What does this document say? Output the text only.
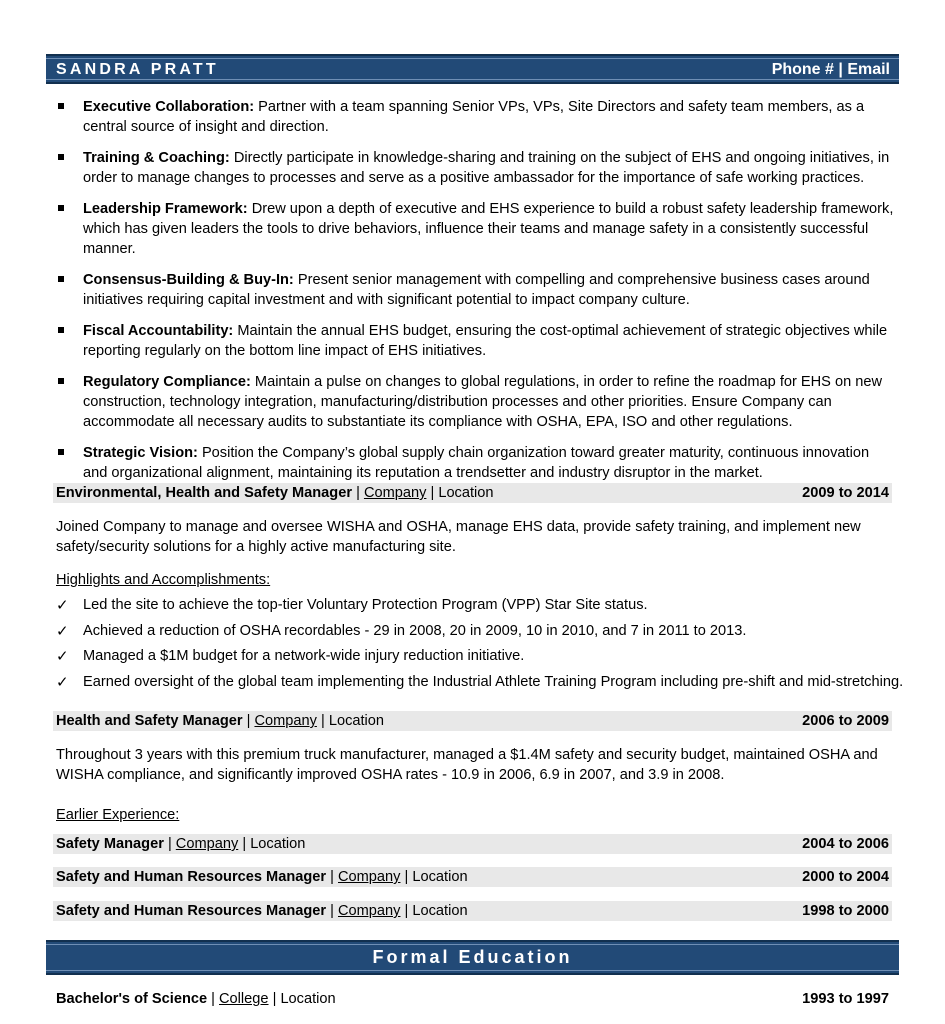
SANDRA PRATT	Phone # | Email
Executive Collaboration: Partner with a team spanning Senior VPs, VPs, Site Directors and safety team members, as a central source of insight and direction.
Training & Coaching: Directly participate in knowledge-sharing and training on the subject of EHS and ongoing initiatives, in order to manage changes to processes and serve as a positive ambassador for the importance of safe working practices.
Leadership Framework: Drew upon a depth of executive and EHS experience to build a robust safety leadership framework, which has given leaders the tools to drive behaviors, influence their teams and manage safety in a consistently successful manner.
Consensus-Building & Buy-In: Present senior management with compelling and comprehensive business cases around initiatives requiring capital investment and with significant potential to impact company culture.
Fiscal Accountability: Maintain the annual EHS budget, ensuring the cost-optimal achievement of strategic objectives while reporting regularly on the bottom line impact of EHS initiatives.
Regulatory Compliance: Maintain a pulse on changes to global regulations, in order to refine the roadmap for EHS on new construction, technology integration, manufacturing/distribution processes and other priorities. Ensure Company can accommodate all necessary audits to substantiate its compliance with OSHA, EPA, ISO and other regulations.
Strategic Vision: Position the Company’s global supply chain organization toward greater maturity, continuous innovation and organizational alignment, maintaining its reputation a trendsetter and industry disruptor in the market.
Environmental, Health and Safety Manager | Company | Location	2009 to 2014
Joined Company to manage and oversee WISHA and OSHA, manage EHS data, provide safety training, and implement new safety/security solutions for a highly active manufacturing site.
Highlights and Accomplishments:
✓ Led the site to achieve the top-tier Voluntary Protection Program (VPP) Star Site status.
✓ Achieved a reduction of OSHA recordables - 29 in 2008, 20 in 2009, 10 in 2010, and 7 in 2011 to 2013.
✓ Managed a $1M budget for a network-wide injury reduction initiative.
✓ Earned oversight of the global team implementing the Industrial Athlete Training Program including pre-shift and mid-stretching.
Health and Safety Manager | Company | Location	2006 to 2009
Throughout 3 years with this premium truck manufacturer, managed a $1.4M safety and security budget, maintained OSHA and WISHA compliance, and significantly improved OSHA rates - 10.9 in 2006, 6.9 in 2007, and 3.9 in 2008.
Earlier Experience:
Safety Manager | Company | Location	2004 to 2006
Safety and Human Resources Manager | Company | Location	2000 to 2004
Safety and Human Resources Manager | Company | Location	1998 to 2000
Formal Education
Bachelor's of Science | College | Location	1993 to 1997
